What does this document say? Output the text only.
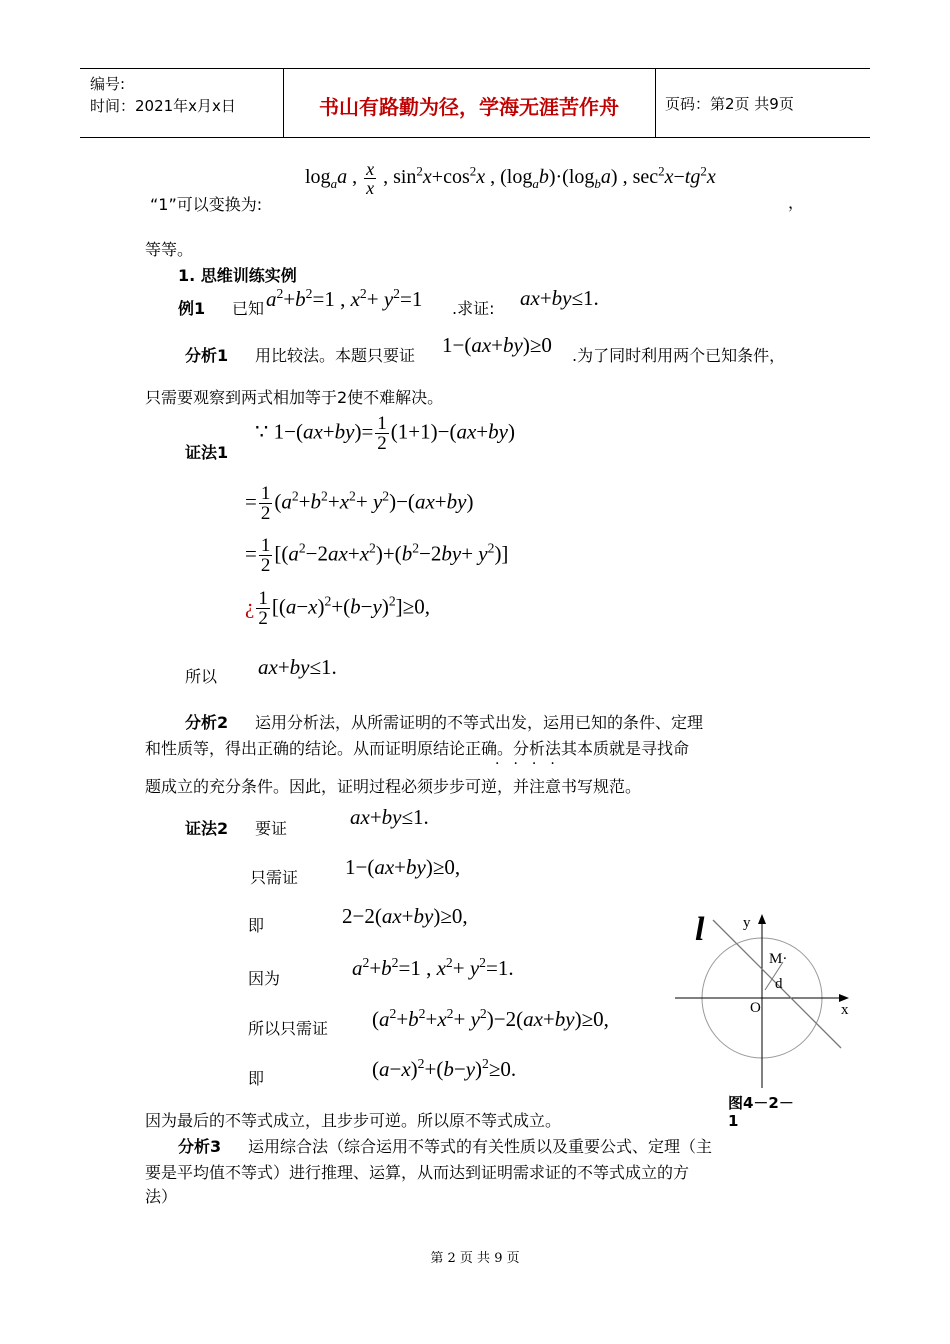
编号:
时间：2021年x月x日	书山有路勤为径，学海无涯苦作舟	页码：第2页 共9页
“1”可以变换为:
$\log_aa$ , $\frac{x}{x}$ , $\sin^2x+\cos^2x$ , $(\log_ab)\cdot(\log_ba)$ , $\sec^2x-tg^2x$
，
等等。
1. 思维训练实例
例1 已知 $a^2+b^2=1$ , $x^2+ y^2=1$ .求证: ax+by≤1.
分析1 用比较法。本题只要证 1−(ax+by)≥0 .为了同时利用两个已知条件，
只需要观察到两式相加等于2使不难解决。
∵ $1-(ax+by)= \frac{1}{2} (1+1)-(ax+by)$
证法1
= $\frac{1}{2} (a^2+b^2+x^2+ y^2)-(ax+by)$
= $\frac{1}{2} [(a^2-2ax+x^2)+(b^2-2by+ y^2)]$
¿ $\frac{1}{2} [(a-x)^2+(b-y)^2]\ge 0$,
所以 ax+by≤1.
分析2 运用分析法，从所需证明的不等式出发，运用已知的条件、定理
和性质等，得出正确的结论。从而证明原结论正确。分析法其本质就是寻找命
····
题成立的充分条件。因此，证明过程必须步步可逆，并注意书写规范。
证法2 要证	ax+by≤1.
只需证 1−(ax+by)≥0,
即	2−2(ax+by)≥0,
因为	$a^2+b^2=1$ , $x^2+ y^2=1$.
所以只需证 $(a^2+b^2+x^2+ y^2)-2(ax+by)\ge 0$,
即	$(a-x)^2+(b-y)^2\ge 0$.
因为最后的不等式成立，且步步可逆。所以原不等式成立。
分析3 运用综合法（综合运用不等式的有关性质以及重要公式、定理（主
要是平均值不等式）进行推理、运算，从而达到证明需求证的不等式成立的方
法）
l	y
x
M·
d
O
图4－2－
1
第 2 页 共 9 页
